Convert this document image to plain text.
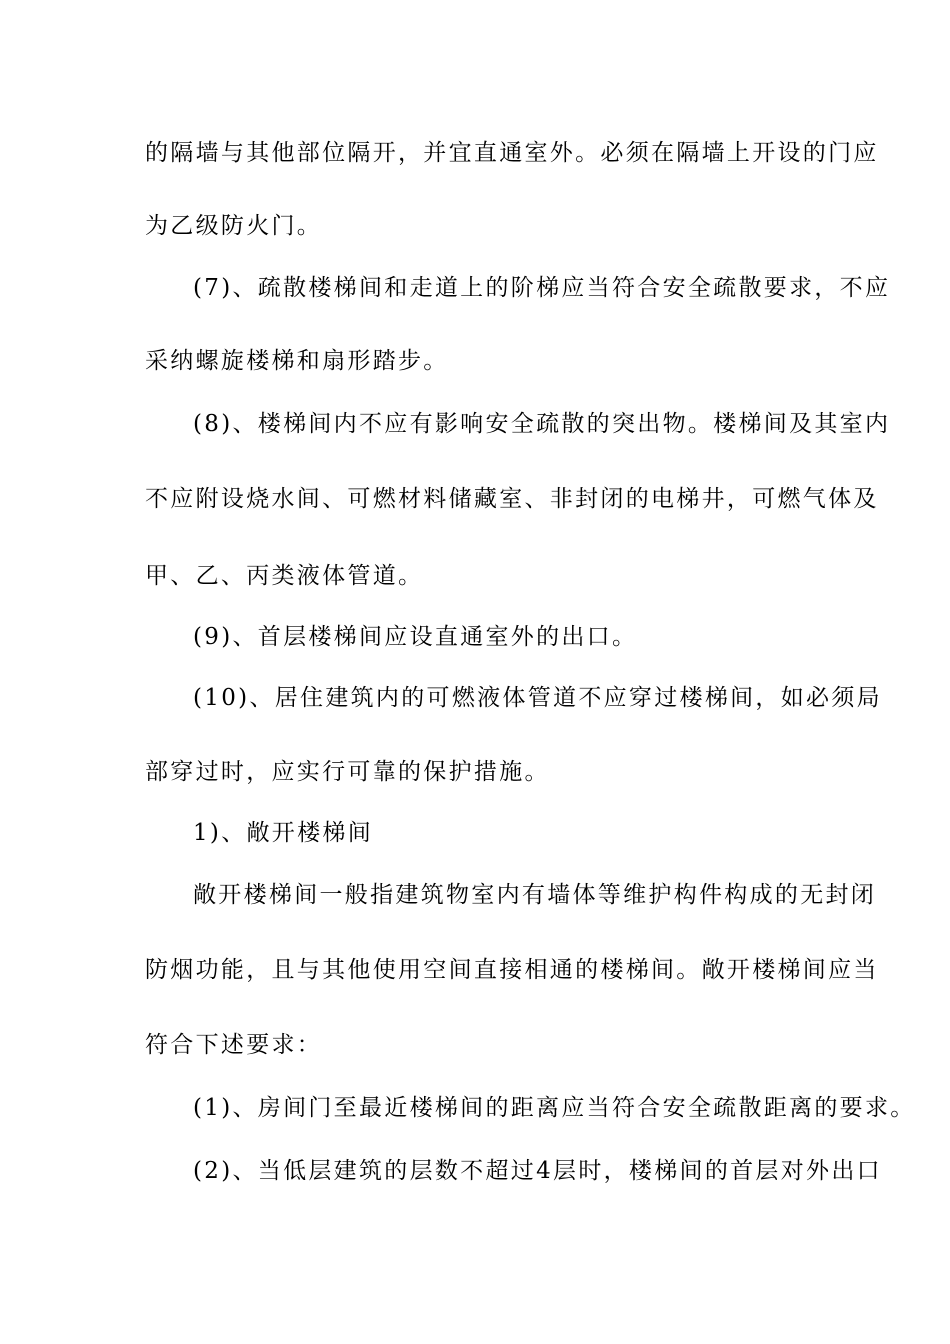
的隔墙与其他部位隔开，并宜直通室外。必须在隔墙上开设的门应
为乙级防火门。
(7)、疏散楼梯间和走道上的阶梯应当符合安全疏散要求，不应
采纳螺旋楼梯和扇形踏步。
(8)、楼梯间内不应有影响安全疏散的突出物。楼梯间及其室内
不应附设烧水间、可燃材料储藏室、非封闭的电梯井，可燃气体及
甲、乙、丙类液体管道。
(9)、首层楼梯间应设直通室外的出口。
(10)、居住建筑内的可燃液体管道不应穿过楼梯间，如必须局
部穿过时，应实行可靠的保护措施。
1)、敞开楼梯间
敞开楼梯间一般指建筑物室内有墙体等维护构件构成的无封闭
防烟功能，且与其他使用空间直接相通的楼梯间。敞开楼梯间应当
符合下述要求：
(1)、房间门至最近楼梯间的距离应当符合安全疏散距离的要求。
(2)、当低层建筑的层数不超过4层时，楼梯间的首层对外出口
